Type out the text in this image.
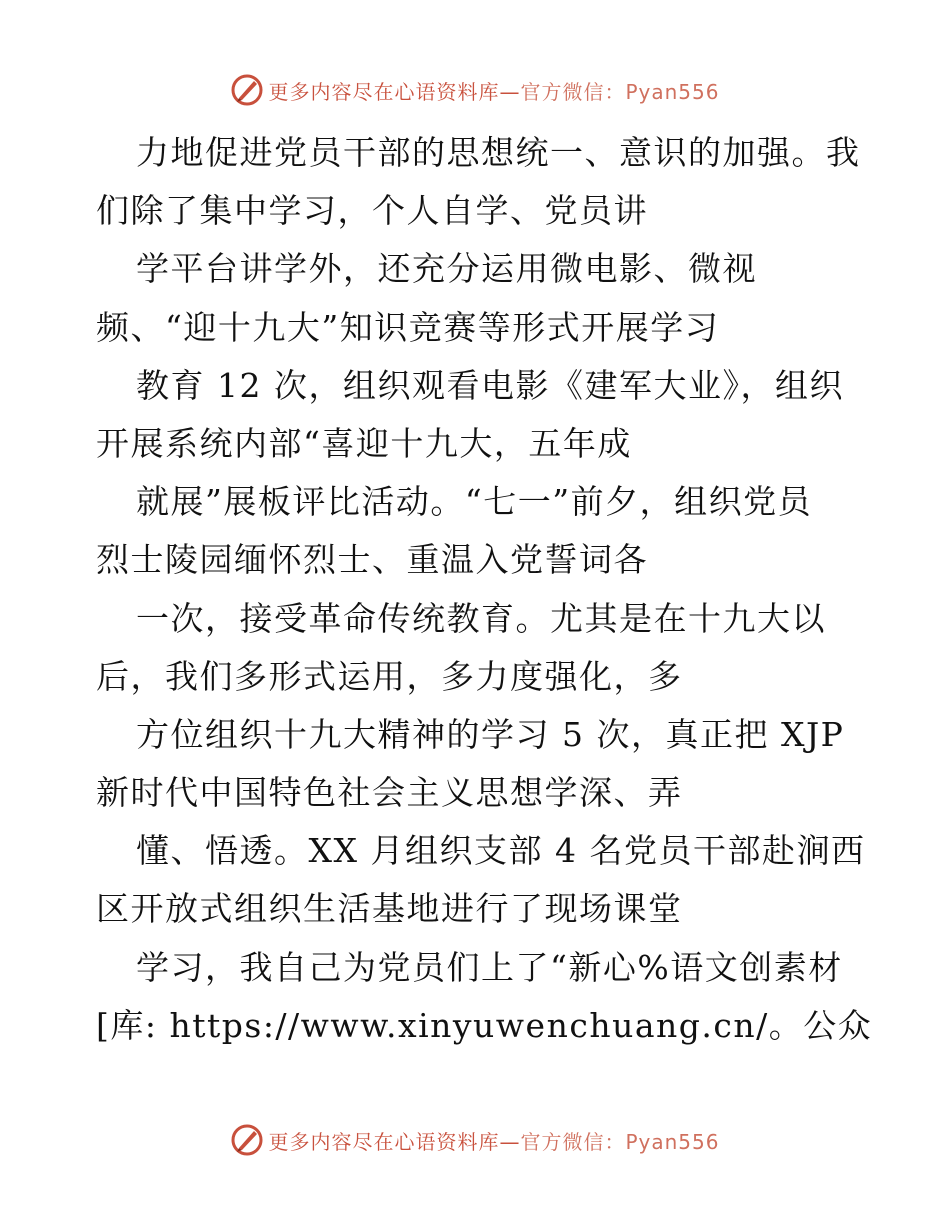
更多内容尽在心语资料库—官方微信：Pyan556
力地促进党员干部的思想统一、意识的加强。我
们除了集中学习，个人自学、党员讲
学平台讲学外，还充分运用微电影、微视
频、“迎十九大”知识竞赛等形式开展学习
教育 12 次，组织观看电影《建军大业》，组织
开展系统内部“喜迎十九大，五年成
就展”展板评比活动。“七一”前夕，组织党员
烈士陵园缅怀烈士、重温入党誓词各
一次，接受革命传统教育。尤其是在十九大以
后，我们多形式运用，多力度强化，多
方位组织十九大精神的学习 5 次，真正把 XJP
新时代中国特色社会主义思想学深、弄
懂、悟透。XX 月组织支部 4 名党员干部赴涧西
区开放式组织生活基地进行了现场课堂
学习，我自己为党员们上了“新心%语文创素材
[库: https://www.xinyuwenchuang.cn/。公众
更多内容尽在心语资料库—官方微信：Pyan556
